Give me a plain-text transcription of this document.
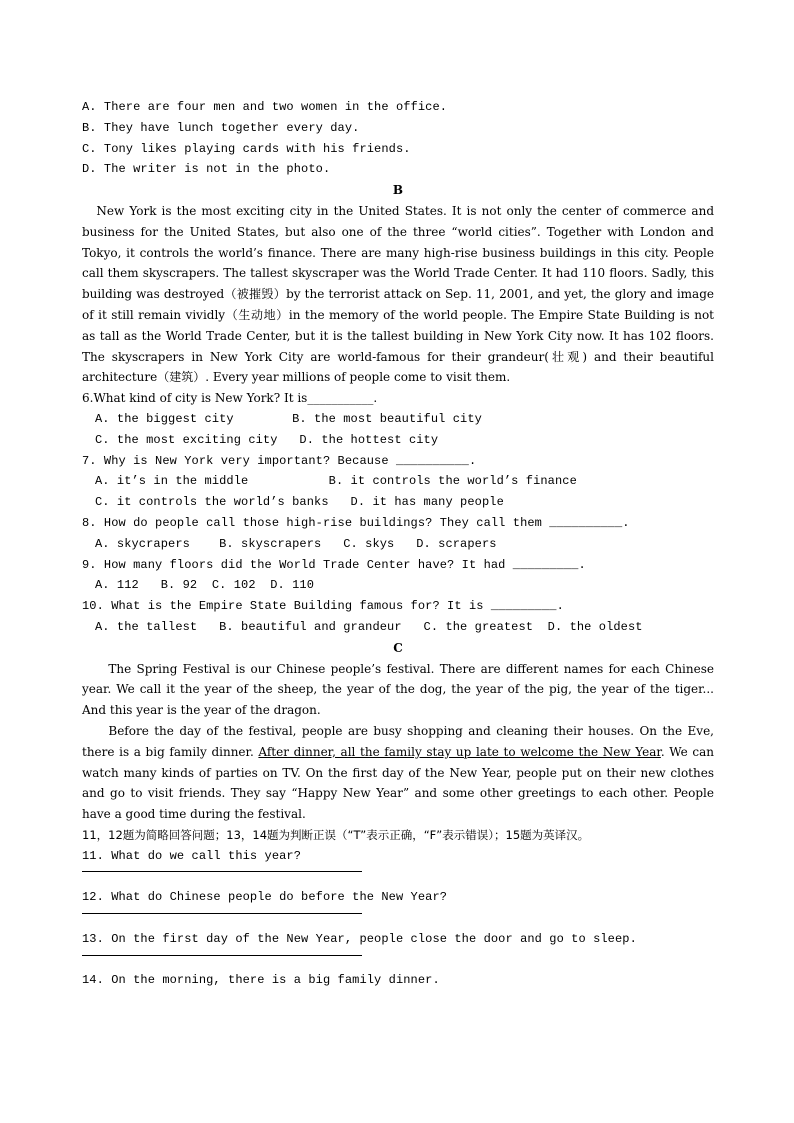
A. There are four men and two women in the office.
B. They have lunch together every day.
C. Tony likes playing cards with his friends.
D. The writer is not in the photo.
B
New York is the most exciting city in the United States. It is not only the center of commerce and business for the United States, but also one of the three “world cities”. Together with London and Tokyo, it controls the world’s finance. There are many high-rise business buildings in this city. People call them skyscrapers. The tallest skyscraper was the World Trade Center. It had 110 floors. Sadly, this building was destroyed（被摧毁）by the terrorist attack on Sep. 11, 2001, and yet, the glory and image of it still remain vividly（生动地）in the memory of the world people. The Empire State Building is not as tall as the World Trade Center, but it is the tallest building in New York City now. It has 102 floors. The skyscrapers in New York City are world-famous for their grandeur(壮观) and their beautiful architecture（建筑）. Every year millions of people come to visit them.
6.What kind of city is New York? It is___________.
A. the biggest city        B. the most beautiful city
C. the most exciting city   D. the hottest city
7. Why is New York very important? Because __________.
A. it’s in the middle           B. it controls the world’s finance
C. it controls the world’s banks   D. it has many people
8. How do people call those high-rise buildings? They call them __________.
A. skycrapers    B. skyscrapers   C. skys   D. scrapers
9. How many floors did the World Trade Center have? It had _________.
A. 112   B. 92  C. 102  D. 110
10. What is the Empire State Building famous for? It is _________.
A. the tallest   B. beautiful and grandeur   C. the greatest  D. the oldest
C
The Spring Festival is our Chinese people’s festival. There are different names for each Chinese year. We call it the year of the sheep, the year of the dog, the year of the pig, the year of the tiger... And this year is the year of the dragon.
Before the day of the festival, people are busy shopping and cleaning their houses. On the Eve, there is a big family dinner. After dinner, all the family stay up late to welcome the New Year. We can watch many kinds of parties on TV. On the first day of the New Year, people put on their new clothes and go to visit friends. They say “Happy New Year” and some other greetings to each other. People have a good time during the festival.
11，12题为简略回答问题；13，14题为判断正误（“T”表示正确，“F”表示错误）；15题为英译汉。
11. What do we call this year?
12. What do Chinese people do before the New Year?
13. On the first day of the New Year, people close the door and go to sleep.
14. On the morning, there is a big family dinner.
